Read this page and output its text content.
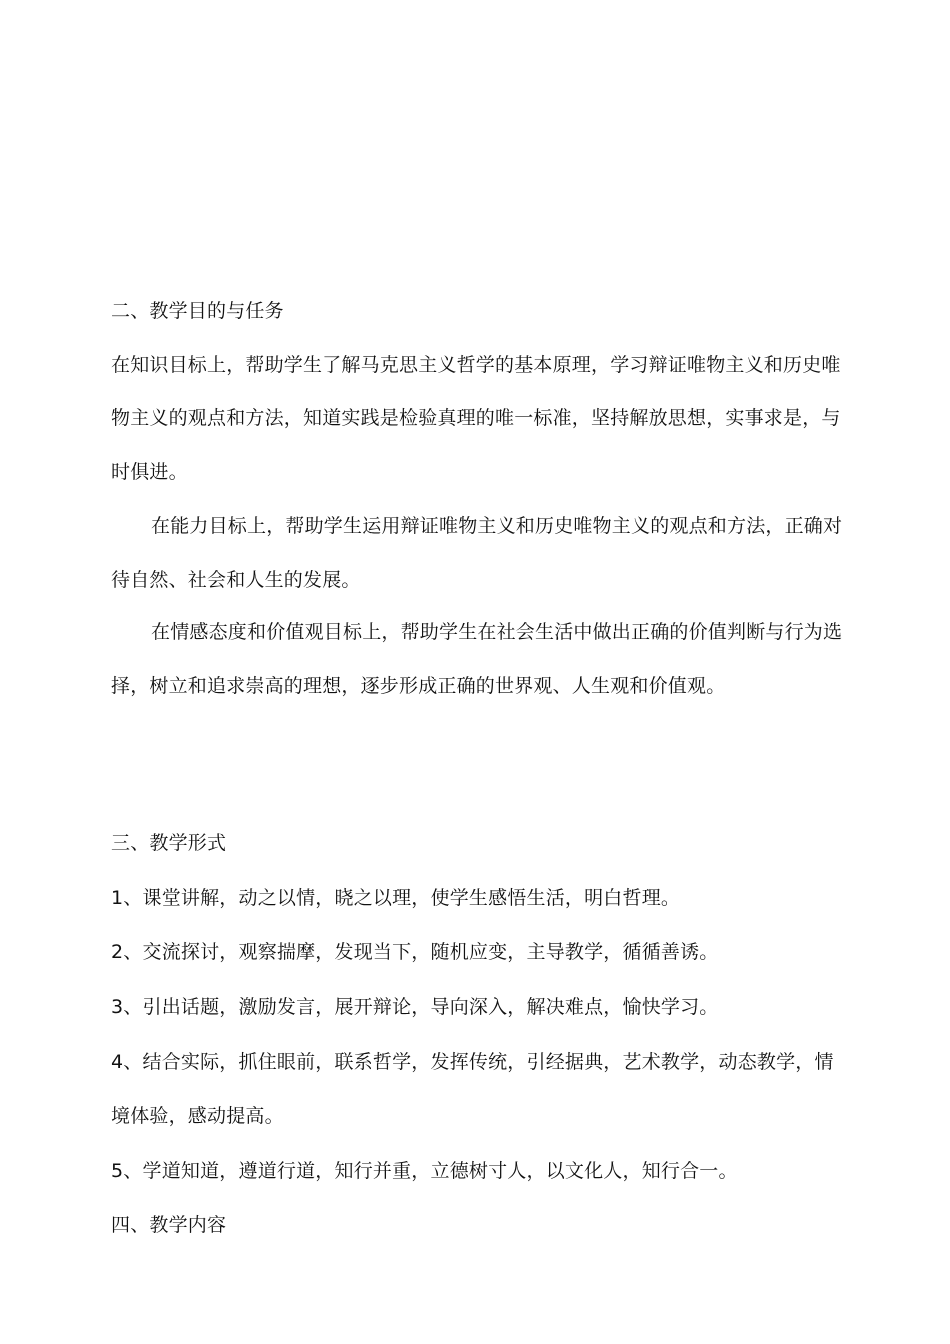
二、教学目的与任务
在知识目标上，帮助学生了解马克思主义哲学的基本原理，学习辩证唯物主义和历史唯
物主义的观点和方法，知道实践是检验真理的唯一标准，坚持解放思想，实事求是，与
时俱进。
在能力目标上，帮助学生运用辩证唯物主义和历史唯物主义的观点和方法，正确对
待自然、社会和人生的发展。
在情感态度和价值观目标上，帮助学生在社会生活中做出正确的价值判断与行为选
择，树立和追求崇高的理想，逐步形成正确的世界观、人生观和价值观。
三、教学形式
1、课堂讲解，动之以情，晓之以理，使学生感悟生活，明白哲理。
2、交流探讨，观察揣摩，发现当下，随机应变，主导教学，循循善诱。
3、引出话题，激励发言，展开辩论，导向深入，解决难点，愉快学习。
4、结合实际，抓住眼前，联系哲学，发挥传统，引经据典，艺术教学，动态教学，情
境体验，感动提高。
5、学道知道，遵道行道，知行并重，立德树寸人，以文化人，知行合一。
四、教学内容
